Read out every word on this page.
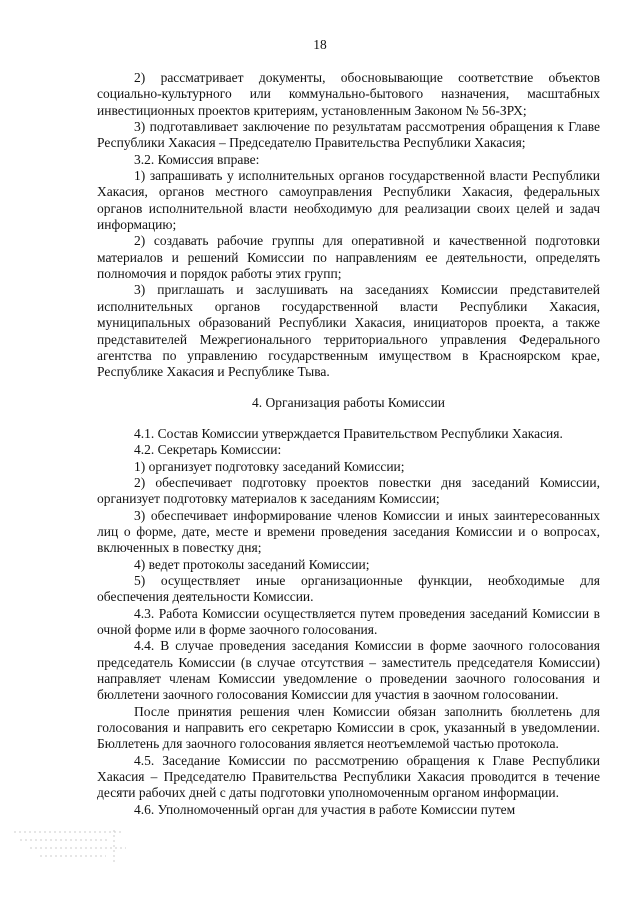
18

2) рассматривает документы, обосновывающие соответствие объектов социально-культурного или коммунально-бытового назначения, масштабных инвестиционных проектов критериям, установленным Законом № 56-ЗРХ;

3) подготавливает заключение по результатам рассмотрения обращения к Главе Республики Хакасия – Председателю Правительства Республики Хакасия;

3.2. Комиссия вправе:

1) запрашивать у исполнительных органов государственной власти Республики Хакасия, органов местного самоуправления Республики Хакасия, федеральных органов исполнительной власти необходимую для реализации своих целей и задач информацию;

2) создавать рабочие группы для оперативной и качественной подготовки материалов и решений Комиссии по направлениям ее деятельности, определять полномочия и порядок работы этих групп;

3) приглашать и заслушивать на заседаниях Комиссии представителей исполнительных органов государственной власти Республики Хакасия, муниципальных образований Республики Хакасия, инициаторов проекта, а также представителей Межрегионального территориального управления Федерального агентства по управлению государственным имуществом в Красноярском крае, Республике Хакасия и Республике Тыва.

4. Организация работы Комиссии

4.1. Состав Комиссии утверждается Правительством Республики Хакасия.

4.2. Секретарь Комиссии:

1) организует подготовку заседаний Комиссии;

2) обеспечивает подготовку проектов повестки дня заседаний Комиссии, организует подготовку материалов к заседаниям Комиссии;

3) обеспечивает информирование членов Комиссии и иных заинтересованных лиц о форме, дате, месте и времени проведения заседания Комиссии и о вопросах, включенных в повестку дня;

4) ведет протоколы заседаний Комиссии;

5) осуществляет иные организационные функции, необходимые для обеспечения деятельности Комиссии.

4.3. Работа Комиссии осуществляется путем проведения заседаний Комиссии в очной форме или в форме заочного голосования.

4.4. В случае проведения заседания Комиссии в форме заочного голосования председатель Комиссии (в случае отсутствия – заместитель председателя Комиссии) направляет членам Комиссии уведомление о проведении заочного голосования и бюллетени заочного голосования Комиссии для участия в заочном голосовании.

После принятия решения член Комиссии обязан заполнить бюллетень для голосования и направить его секретарю Комиссии в срок, указанный в уведомлении. Бюллетень для заочного голосования является неотъемлемой частью протокола.

4.5. Заседание Комиссии по рассмотрению обращения к Главе Республики Хакасия – Председателю Правительства Республики Хакасия проводится в течение десяти рабочих дней с даты подготовки уполномоченным органом информации.

4.6. Уполномоченный орган для участия в работе Комиссии путем
